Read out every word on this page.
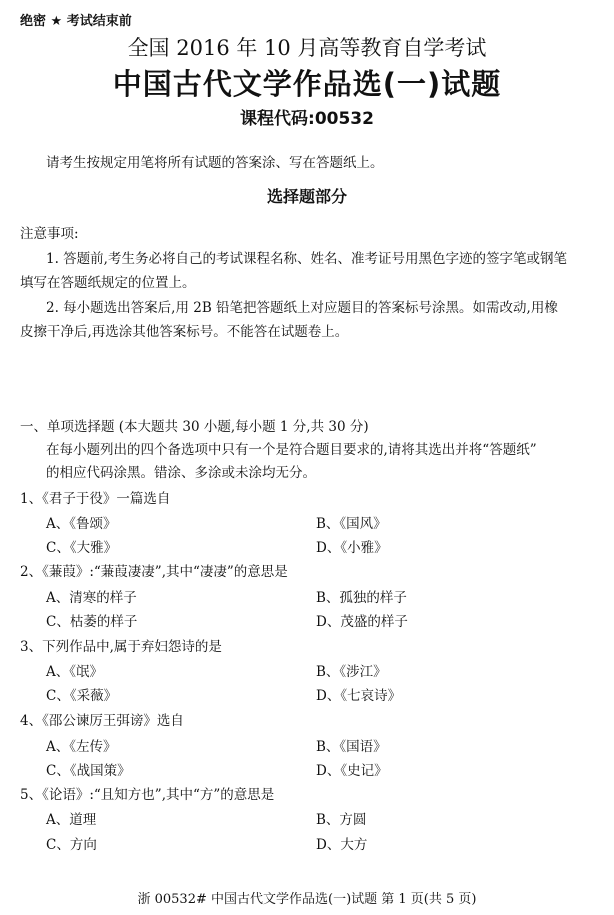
绝密 ★ 考试结束前
全国 2016 年 10 月高等教育自学考试
中国古代文学作品选(一)试题
课程代码:00532
请考生按规定用笔将所有试题的答案涂、写在答题纸上。
选择题部分
注意事项:
1. 答题前,考生务必将自己的考试课程名称、姓名、准考证号用黑色字迹的签字笔或钢笔
填写在答题纸规定的位置上。
2. 每小题选出答案后,用 2B 铅笔把答题纸上对应题目的答案标号涂黑。如需改动,用橡
皮擦干净后,再选涂其他答案标号。不能答在试题卷上。
一、单项选择题 (本大题共 30 小题,每小题 1 分,共 30 分)
在每小题列出的四个备选项中只有一个是符合题目要求的,请将其选出并将“答题纸”
的相应代码涂黑。错涂、多涂或未涂均无分。
1、《君子于役》一篇选自
A、《鲁颂》	B、《国风》
C、《大雅》	D、《小雅》
2、《蒹葭》:“蒹葭凄凄”,其中“凄凄”的意思是
A、清寒的样子	B、孤独的样子
C、枯萎的样子	D、茂盛的样子
3、下列作品中,属于弃妇怨诗的是
A、《氓》	B、《涉江》
C、《采薇》	D、《七哀诗》
4、《邵公谏厉王弭谤》选自
A、《左传》	B、《国语》
C、《战国策》	D、《史记》
5、《论语》:“且知方也”,其中“方”的意思是
A、道理	B、方圆
C、方向	D、大方
浙 00532# 中国古代文学作品选(一)试题 第 1 页(共 5 页)
